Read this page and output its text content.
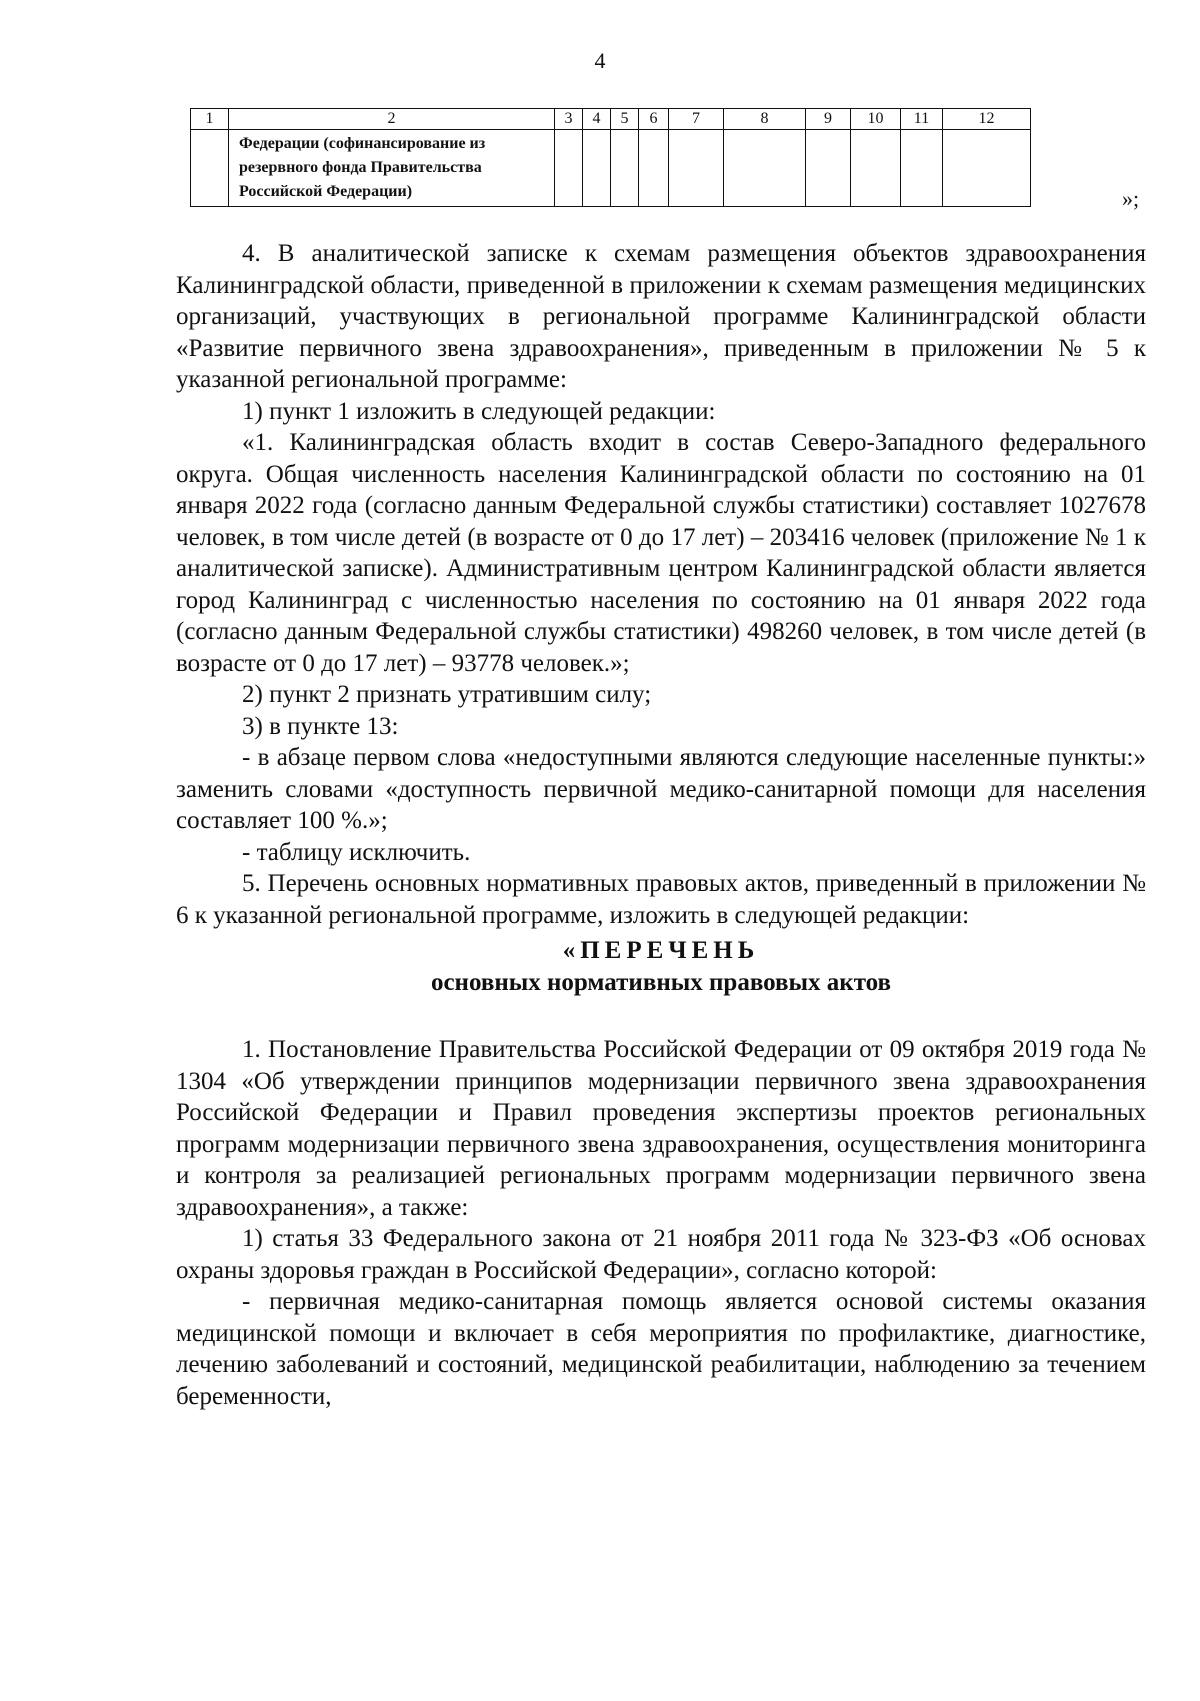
4
1	2	3	4	5	6	7	8	9	10	11	12
	Федерации (софинансирование из резервного фонда Правительства Российской Федерации)											»;

4. В аналитической записке к схемам размещения объектов здравоохранения Калининградской области, приведенной в приложении к схемам размещения медицинских организаций, участвующих в региональной программе Калининградской области «Развитие первичного звена здравоохранения», приведенным в приложении № 5 к указанной региональной программе:

1) пункт 1 изложить в следующей редакции:

«1. Калининградская область входит в состав Северо-Западного федерального округа. Общая численность населения Калининградской области по состоянию на 01 января 2022 года (согласно данным Федеральной службы статистики) составляет 1027678 человек, в том числе детей (в возрасте от 0 до 17 лет) – 203416 человек (приложение № 1 к аналитической записке). Административным центром Калининградской области является город Калининград с численностью населения по состоянию на 01 января 2022 года (согласно данным Федеральной службы статистики) 498260 человек, в том числе детей (в возрасте от 0 до 17 лет) – 93778 человек.»;

2) пункт 2 признать утратившим силу;

3) в пункте 13:

- в абзаце первом слова «недоступными являются следующие населенные пункты:» заменить словами «доступность первичной медико-санитарной помощи для населения составляет 100 %.»;

- таблицу исключить.

5. Перечень основных нормативных правовых актов, приведенный в приложении № 6 к указанной региональной программе, изложить в следующей редакции:

«ПЕРЕЧЕНЬ

основных нормативных правовых актов

1. Постановление Правительства Российской Федерации от 09 октября 2019 года № 1304 «Об утверждении принципов модернизации первичного звена здравоохранения Российской Федерации и Правил проведения экспертизы проектов региональных программ модернизации первичного звена здравоохранения, осуществления мониторинга и контроля за реализацией региональных программ модернизации первичного звена здравоохранения», а также:

1) статья 33 Федерального закона от 21 ноября 2011 года № 323-ФЗ «Об основах охраны здоровья граждан в Российской Федерации», согласно которой:

- первичная медико-санитарная помощь является основой системы оказания медицинской помощи и включает в себя мероприятия по профилактике, диагностике, лечению заболеваний и состояний, медицинской реабилитации, наблюдению за течением беременности,
